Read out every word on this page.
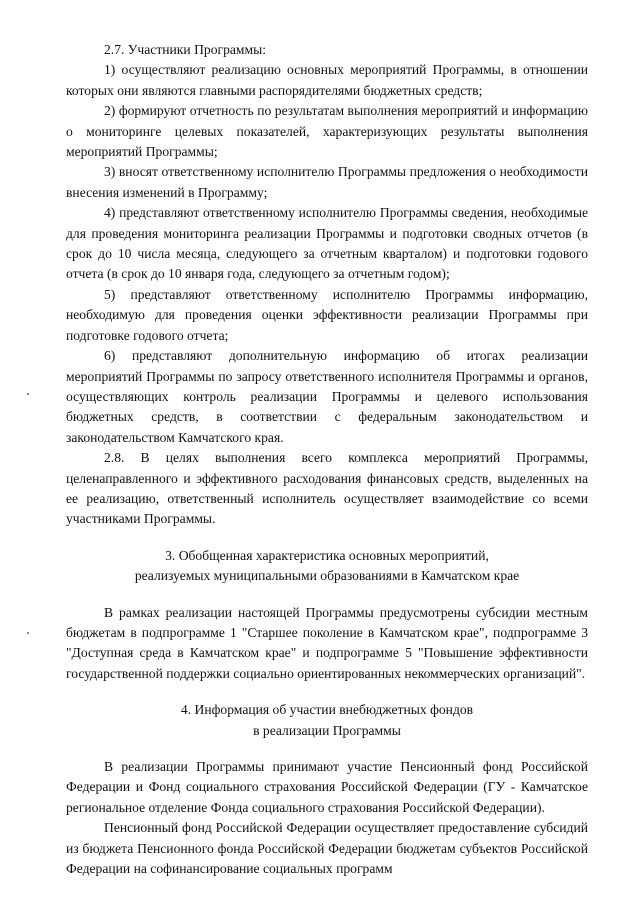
2.7. Участники Программы:

1) осуществляют реализацию основных мероприятий Программы, в отношении которых они являются главными распорядителями бюджетных средств;

2) формируют отчетность по результатам выполнения мероприятий и информацию о мониторинге целевых показателей, характеризующих результаты выполнения мероприятий Программы;

3) вносят ответственному исполнителю Программы предложения о необходимости внесения изменений в Программу;

4) представляют ответственному исполнителю Программы сведения, необходимые для проведения мониторинга реализации Программы и подготовки сводных отчетов (в срок до 10 числа месяца, следующего за отчетным кварталом) и подготовки годового отчета (в срок до 10 января года, следующего за отчетным годом);

5) представляют ответственному исполнителю Программы информацию, необходимую для проведения оценки эффективности реализации Программы при подготовке годового отчета;

6) представляют дополнительную информацию об итогах реализации мероприятий Программы по запросу ответственного исполнителя Программы и органов, осуществляющих контроль реализации Программы и целевого использования бюджетных средств, в соответствии с федеральным законодательством и законодательством Камчатского края.

2.8. В целях выполнения всего комплекса мероприятий Программы, целенаправленного и эффективного расходования финансовых средств, выделенных на ее реализацию, ответственный исполнитель осуществляет взаимодействие со всеми участниками Программы.

3. Обобщенная характеристика основных мероприятий,

реализуемых муниципальными образованиями в Камчатском крае

В рамках реализации настоящей Программы предусмотрены субсидии местным бюджетам в подпрограмме 1 "Старшее поколение в Камчатском крае", подпрограмме 3 "Доступная среда в Камчатском крае" и подпрограмме 5 "Повышение эффективности государственной поддержки социально ориентированных некоммерческих организаций".

4. Информация об участии внебюджетных фондов

в реализации Программы

В реализации Программы принимают участие Пенсионный фонд Российской Федерации и Фонд социального страхования Российской Федерации (ГУ - Камчатское региональное отделение Фонда социального страхования Российской Федерации).

Пенсионный фонд Российской Федерации осуществляет предоставление субсидий из бюджета Пенсионного фонда Российской Федерации бюджетам субъектов Российской Федерации на софинансирование социальных программ
